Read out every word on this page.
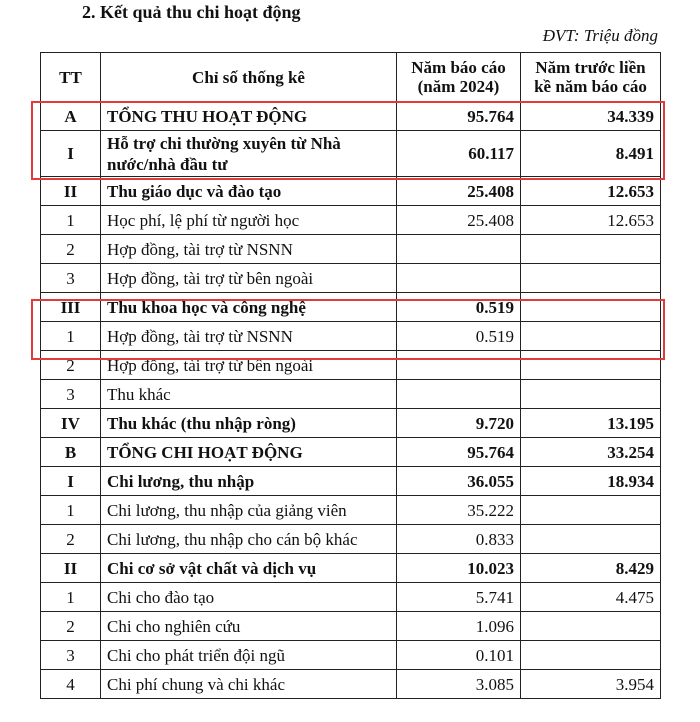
2. Kết quả thu chi hoạt động
ĐVT: Triệu đồng
TT	Chỉ số thống kê	Năm báo cáo (năm 2024)	Năm trước liền kề năm báo cáo
A	TỔNG THU HOẠT ĐỘNG	95.764	34.339
I	Hỗ trợ chi thường xuyên từ Nhà nước/nhà đầu tư	60.117	8.491
II	Thu giáo dục và đào tạo	25.408	12.653
1	Học phí, lệ phí từ người học	25.408	12.653
2	Hợp đồng, tài trợ từ NSNN		
3	Hợp đồng, tài trợ từ bên ngoài		
III	Thu khoa học và công nghệ	0.519	
1	Hợp đồng, tài trợ từ NSNN	0.519	
2	Hợp đồng, tài trợ từ bên ngoài		
3	Thu khác		
IV	Thu khác (thu nhập ròng)	9.720	13.195
B	TỔNG CHI HOẠT ĐỘNG	95.764	33.254
I	Chi lương, thu nhập	36.055	18.934
1	Chi lương, thu nhập của giảng viên	35.222	
2	Chi lương, thu nhập cho cán bộ khác	0.833	
II	Chi cơ sở vật chất và dịch vụ	10.023	8.429
1	Chi cho đào tạo	5.741	4.475
2	Chi cho nghiên cứu	1.096	
3	Chi cho phát triển đội ngũ	0.101	
4	Chi phí chung và chi khác	3.085	3.954
